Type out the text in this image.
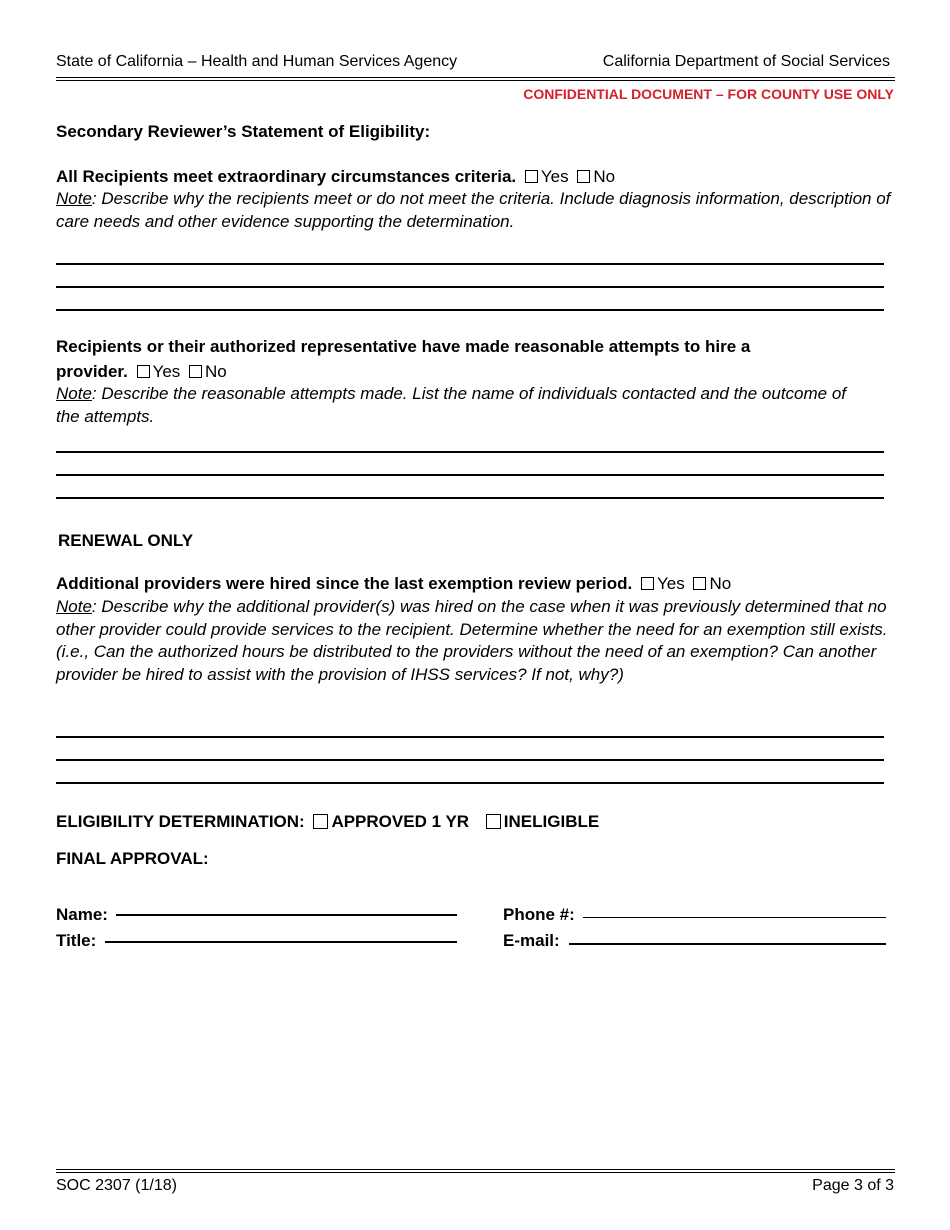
State of California – Health and Human Services Agency	California Department of Social Services
CONFIDENTIAL DOCUMENT – FOR COUNTY USE ONLY
Secondary Reviewer’s Statement of Eligibility:
All Recipients meet extraordinary circumstances criteria. Yes No
Note: Describe why the recipients meet or do not meet the criteria. Include diagnosis information, description of care needs and other evidence supporting the determination.
Recipients or their authorized representative have made reasonable attempts to hire a
provider. Yes No
Note: Describe the reasonable attempts made. List the name of individuals contacted and the outcome of the attempts.
RENEWAL ONLY
Additional providers were hired since the last exemption review period. Yes No
Note: Describe why the additional provider(s) was hired on the case when it was previously determined that no other provider could provide services to the recipient. Determine whether the need for an exemption still exists. (i.e., Can the authorized hours be distributed to the providers without the need of an exemption? Can another provider be hired to assist with the provision of IHSS services? If not, why?)
ELIGIBILITY DETERMINATION: APPROVED 1 YR INELIGIBLE
FINAL APPROVAL:
Name:
Title:
Phone #:
E-mail:
SOC 2307 (1/18)	Page 3 of 3
